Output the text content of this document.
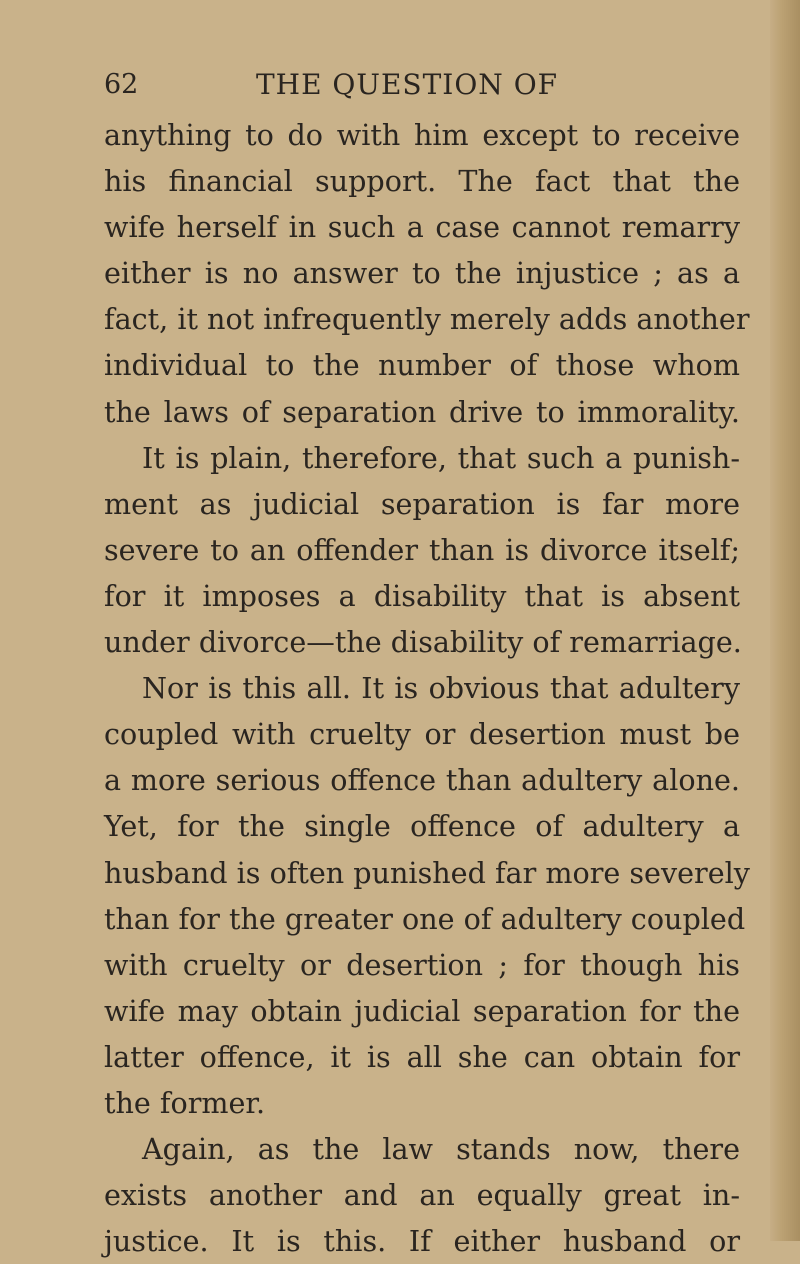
62	THE QUESTION OF
anything to do with him except to receive
his financial support. The fact that the
wife herself in such a case cannot remarry
either is no answer to the injustice ; as a
fact, it not infrequently merely adds another
individual to the number of those whom
the laws of separation drive to immorality.
It is plain, therefore, that such a punish-
ment as judicial separation is far more
severe to an offender than is divorce itself;
for it imposes a disability that is absent
under divorce—the disability of remarriage.
Nor is this all. It is obvious that adultery
coupled with cruelty or desertion must be
a more serious offence than adultery alone.
Yet, for the single offence of adultery a
husband is often punished far more severely
than for the greater one of adultery coupled
with cruelty or desertion ; for though his
wife may obtain judicial separation for the
latter offence, it is all she can obtain for
the former.
Again, as the law stands now, there
exists another and an equally great in-
justice. It is this. If either husband or
